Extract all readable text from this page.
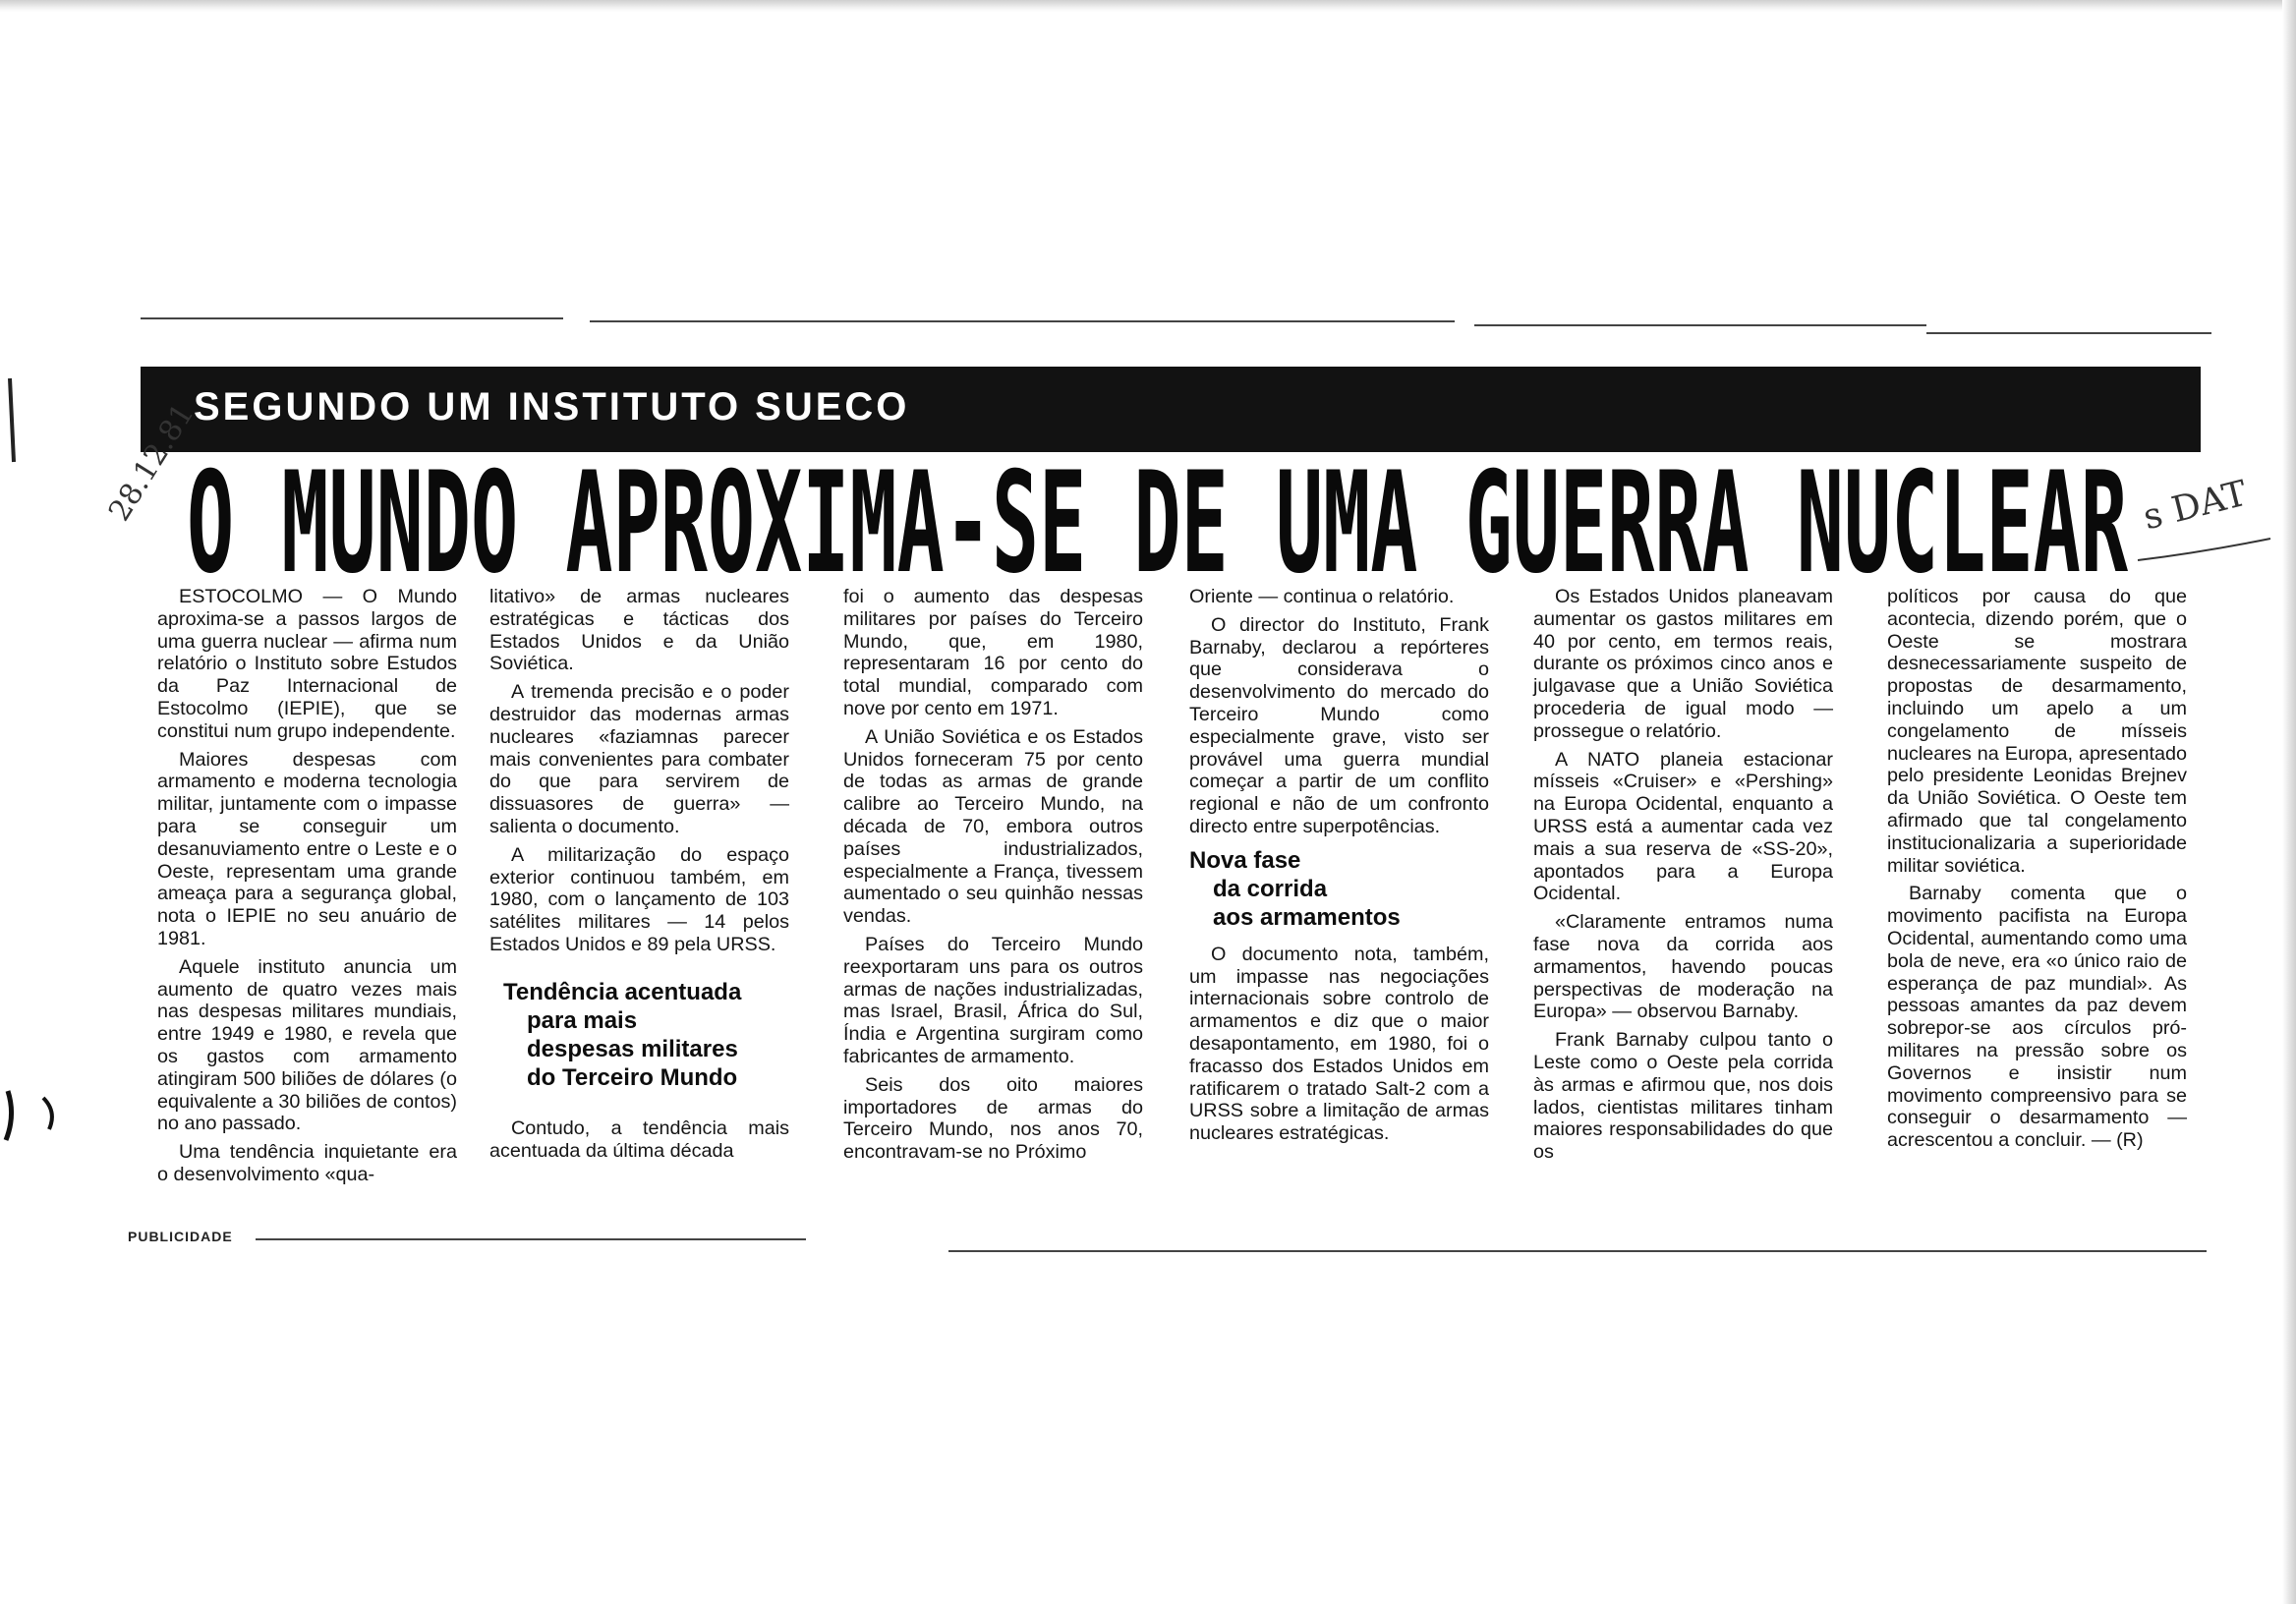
SEGUNDO UM INSTITUTO SUECO
O MUNDO APROXIMA-SE DE UMA GUERRA NUCLEAR

ESTOCOLMO — O Mundo aproxima-se a passos largos de uma guerra nuclear — afirma num relatório o Instituto sobre Estudos da Paz Internacional de Estocolmo (IEPIE), que se constitui num grupo independente.

Maiores despesas com armamento e moderna tecnologia militar, juntamente com o impasse para se conseguir um desanuviamento entre o Leste e o Oeste, representam uma grande ameaça para a segurança global, nota o IEPIE no seu anuário de 1981.

Aquele instituto anuncia um aumento de quatro vezes mais nas despesas militares mundiais, entre 1949 e 1980, e revela que os gastos com armamento atingiram 500 biliões de dólares (o equivalente a 30 biliões de contos) no ano passado.

Uma tendência inquietante era o desenvolvimento «qua-

litativo» de armas nucleares estratégicas e tácticas dos Estados Unidos e da União Soviética.

A tremenda precisão e o poder destruidor das modernas armas nucleares «faziamnas parecer mais convenientes para combater do que para servirem de dissuasores de guerra» — salienta o documento.

A militarização do espaço exterior continuou também, em 1980, com o lançamento de 103 satélites militares — 14 pelos Estados Unidos e 89 pela URSS.

Tendência acentuada
para mais
despesas militares
do Terceiro Mundo

Contudo, a tendência mais acentuada da última década

foi o aumento das despesas militares por países do Terceiro Mundo, que, em 1980, representaram 16 por cento do total mundial, comparado com nove por cento em 1971.

A União Soviética e os Estados Unidos forneceram 75 por cento de todas as armas de grande calibre ao Terceiro Mundo, na década de 70, embora outros países industrializados, especialmente a França, tivessem aumentado o seu quinhão nessas vendas.

Países do Terceiro Mundo reexportaram uns para os outros armas de nações industrializadas, mas Israel, Brasil, África do Sul, Índia e Argentina surgiram como fabricantes de armamento.

Seis dos oito maiores importadores de armas do Terceiro Mundo, nos anos 70, encontravam-se no Próximo

Oriente — continua o relatório.

O director do Instituto, Frank Barnaby, declarou a repórteres que considerava o desenvolvimento do mercado do Terceiro Mundo como especialmente grave, visto ser provável uma guerra mundial começar a partir de um conflito regional e não de um confronto directo entre superpotências.

Nova fase
da corrida
aos armamentos

O documento nota, também, um impasse nas negociações internacionais sobre controlo de armamentos e diz que o maior desapontamento, em 1980, foi o fracasso dos Estados Unidos em ratificarem o tratado Salt-2 com a URSS sobre a limitação de armas nucleares estratégicas.

Os Estados Unidos planeavam aumentar os gastos militares em 40 por cento, em termos reais, durante os próximos cinco anos e julgavase que a União Soviética procederia de igual modo — prossegue o relatório.

A NATO planeia estacionar mísseis «Cruiser» e «Pershing» na Europa Ocidental, enquanto a URSS está a aumentar cada vez mais a sua reserva de «SS-20», apontados para a Europa Ocidental.

«Claramente entramos numa fase nova da corrida aos armamentos, havendo poucas perspectivas de moderação na Europa» — observou Barnaby.

Frank Barnaby culpou tanto o Leste como o Oeste pela corrida às armas e afirmou que, nos dois lados, cientistas militares tinham maiores responsabilidades do que os

políticos por causa do que acontecia, dizendo porém, que o Oeste se mostrara desnecessariamente suspeito de propostas de desarmamento, incluindo um apelo a um congelamento de mísseis nucleares na Europa, apresentado pelo presidente Leonidas Brejnev da União Soviética. O Oeste tem afirmado que tal congelamento institucionalizaria a superioridade militar soviética.

Barnaby comenta que o movimento pacifista na Europa Ocidental, aumentando como uma bola de neve, era «o único raio de esperança de paz mundial». As pessoas amantes da paz devem sobrepor-se aos círculos pró-militares na pressão sobre os Governos e insistir num movimento compreensivo para se conseguir o desarmamento — acrescentou a concluir. — (R)

PUBLICIDADE
28.12.81	s DAT
